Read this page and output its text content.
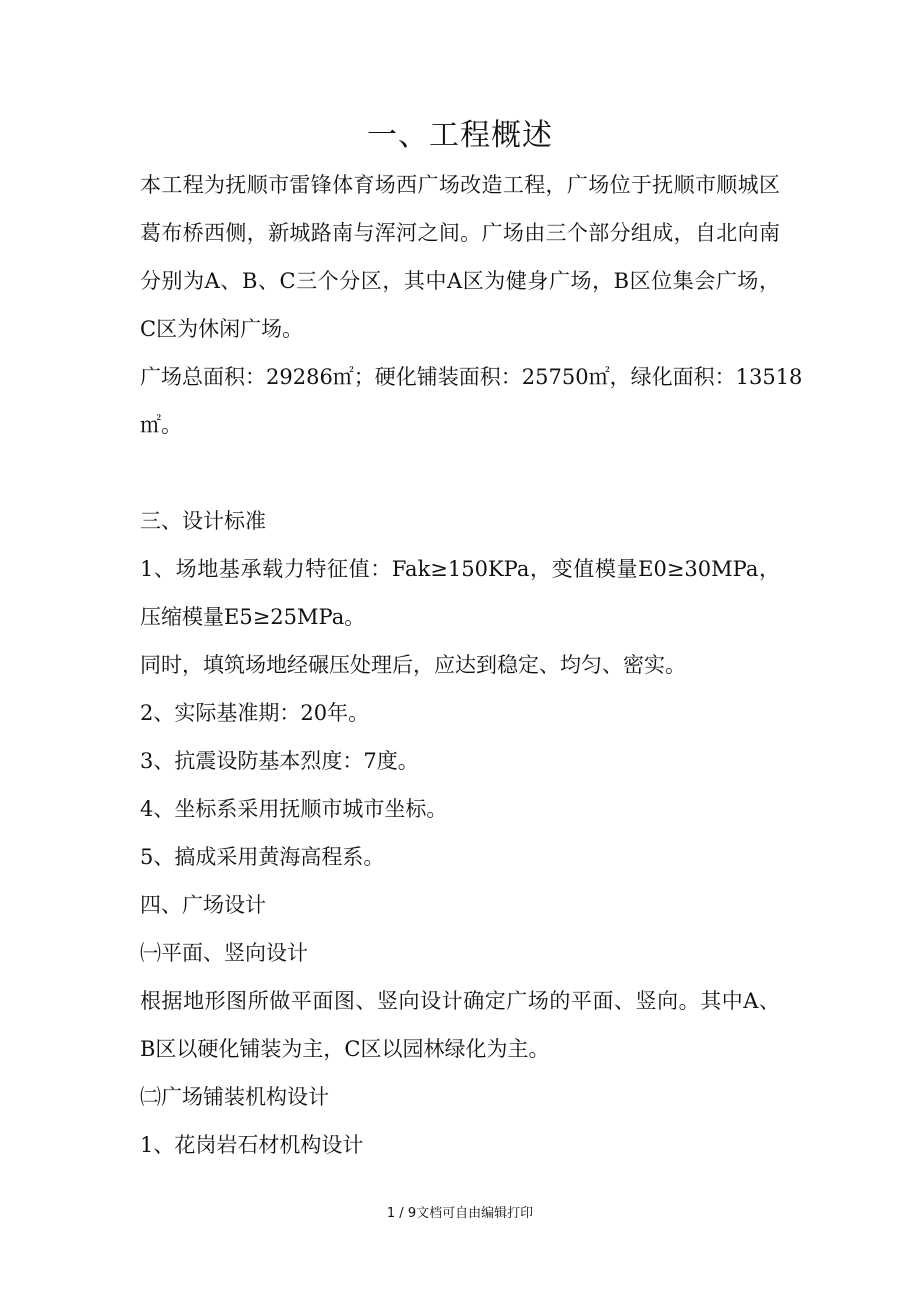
一、工程概述
本工程为抚顺市雷锋体育场西广场改造工程，广场位于抚顺市顺城区
葛布桥西侧，新城路南与浑河之间。广场由三个部分组成，自北向南
分别为A、B、C三个分区，其中A区为健身广场，B区位集会广场，
C区为休闲广场。
广场总面积：29286㎡；硬化铺装面积：25750㎡，绿化面积：13518
㎡。
三、设计标准
1、场地基承载力特征值：Fak≥150KPa，变值模量E0≥30MPa，
压缩模量E5≥25MPa。
同时，填筑场地经碾压处理后，应达到稳定、均匀、密实。
2、实际基准期：20年。
3、抗震设防基本烈度：7度。
4、坐标系采用抚顺市城市坐标。
5、搞成采用黄海高程系。
四、广场设计
㈠平面、竖向设计
根据地形图所做平面图、竖向设计确定广场的平面、竖向。其中A、
B区以硬化铺装为主，C区以园林绿化为主。
㈡广场铺装机构设计
1、花岗岩石材机构设计
1 / 9文档可自由编辑打印
